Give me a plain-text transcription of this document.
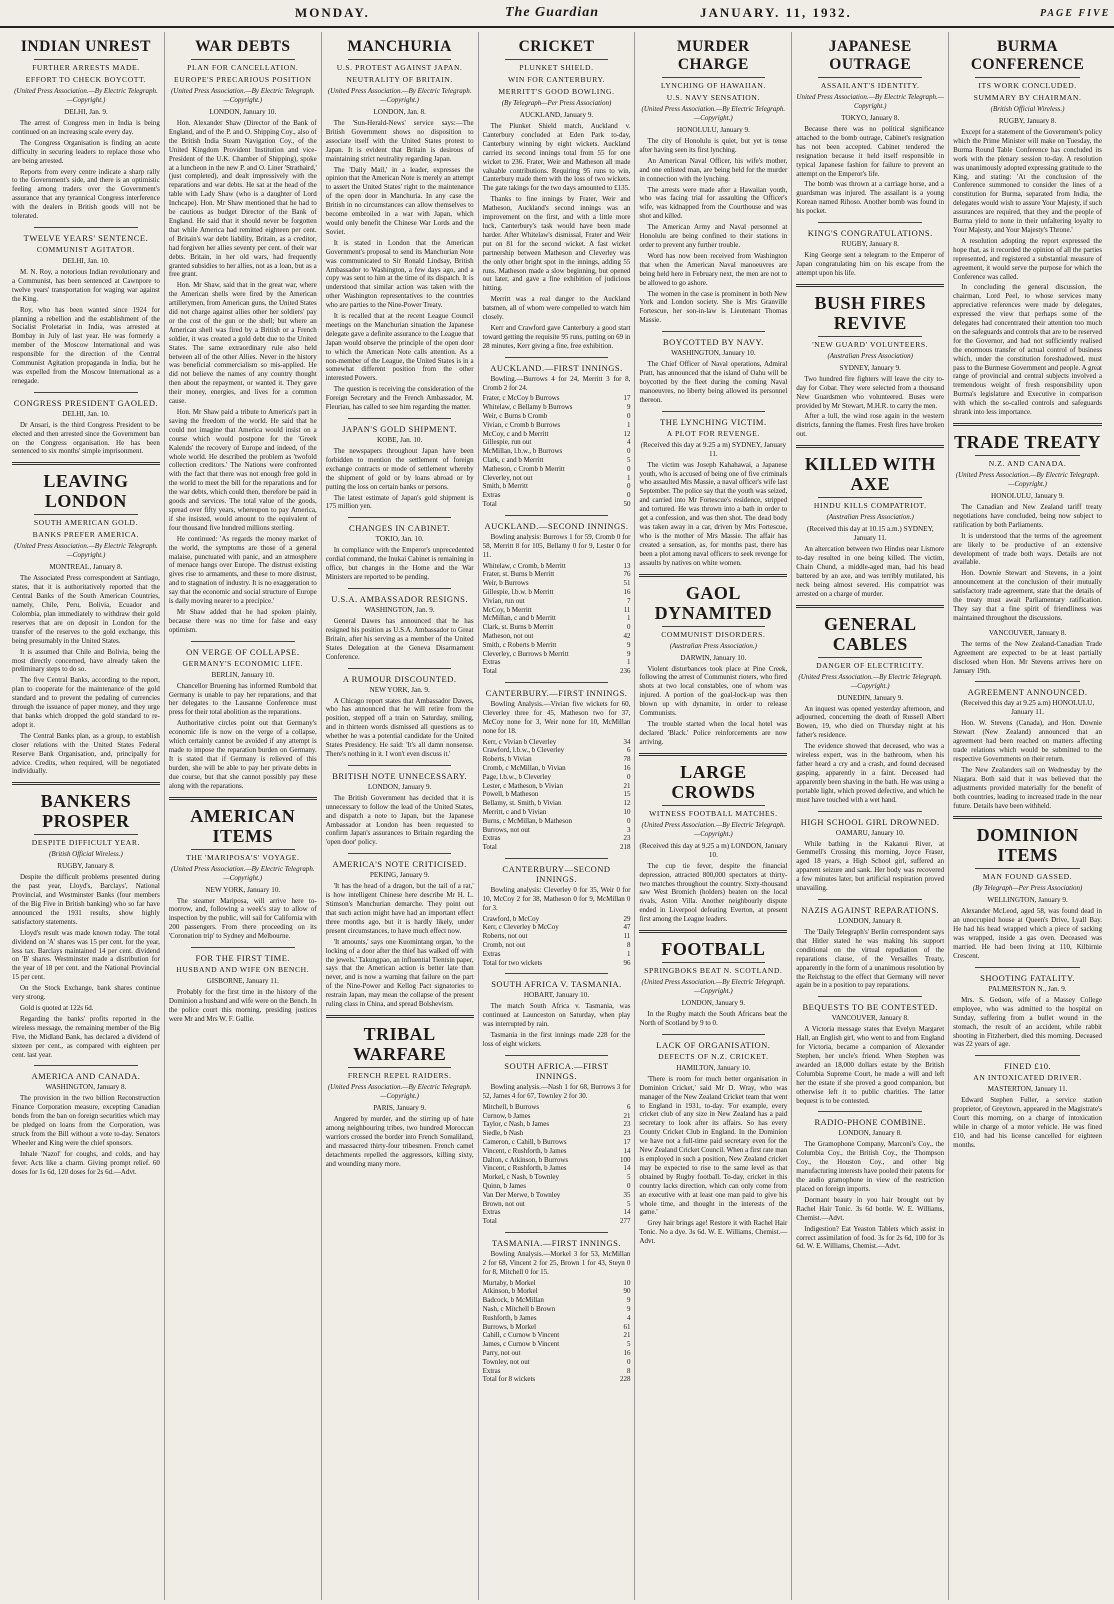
MONDAY.	The Guardian	JANUARY. 11, 1932.	PAGE FIVE
INDIAN UNREST
FURTHER ARRESTS MADE.
EFFORT TO CHECK BOYCOTT.
(United Press Association.—By Electric Telegraph.—Copyright.)
DELHI, Jan. 9.

The arrest of Congress men in India is being continued on an increasing scale every day.

The Congress Organisation is finding an acute difficulty in securing leaders to replace those who are being arrested.

Reports from every centre indicate a sharp rally to the Government's side, and there is an optimistic feeling among traders over the Government's assurance that any tyrannical Congress interference with the dealers in British goods will not be tolerated.

TWELVE YEARS' SENTENCE.
COMMUNIST AGITATOR.
DELHI, Jan. 10.

M. N. Roy, a notorious Indian revolutionary and a Communist, has been sentenced at Cawnpore to twelve years' transportation for waging war against the King.

Roy, who has been wanted since 1924 for planning a rebellion and the establishment of the Socialist Proletariat in India, was arrested at Bombay in July of last year. He was formerly a member of the Moscow International and was responsible for the direction of the Central Communist Agitation propaganda in India, but he was expelled from the Moscow International as a renegade.

CONGRESS PRESIDENT GAOLED.
DELHI, Jan. 10.

Dr Ansari, is the third Congress President to be elected and then arrested since the Government ban on the Congress organisation. He has been sentenced to six months' simple imprisonment.

LEAVING LONDON
SOUTH AMERICAN GOLD.
BANKS PREFER AMERICA.
(United Press Association.—By Electric Telegraph.—Copyright.)
MONTREAL, January 8.

The Associated Press correspondent at Santiago, states, that it is authoritatively reported that the Central Banks of the South American Countries, namely, Chile, Peru, Bolivia, Ecuador and Colombia, plan immediately to withdraw their gold reserves that are on deposit in London for the transfer of the reserves to the gold exchange, this being presumably in the United States.

It is assumed that Chile and Bolivia, being the most directly concerned, have already taken the preliminary steps to do so.

The five Central Banks, according to the report, plan to cooperate for the maintenance of the gold standard and to prevent the pedaling of currencies through the issuance of paper money, and they urge that banks which dropped the gold standard to re-adopt it.

The Central Banks plan, as a group, to establish closer relations with the United States Federal Reserve Bank Organisation, and, principally for advice. Credits, when required, will be negotiated individually.

BANKERS PROSPER
DESPITE DIFFICULT YEAR.
(British Official Wireless.)
RUGBY, January 8.

Despite the difficult problems presented during the past year, Lloyd's, Barclays', National Provincial, and Westminster Banks (four members of the Big Five in British banking) who so far have announced the 1931 results, show highly satisfactory statements.

Lloyd's result was made known today. The total dividend on 'A' shares was 15 per cent. for the year, less tax. Barclays maintained 14 per cent. dividend on 'B' shares. Westminster made a distribution for the year of 18 per cent. and the National Provincial 15 per cent.

On the Stock Exchange, bank shares continue very strong.

Gold is quoted at 122s 6d.

Regarding the banks' profits reported in the wireless message, the remaining member of the Big Five, the Midland Bank, has declared a dividend of sixteen per cent., as compared with eighteen per cent. last year.

AMERICA AND CANADA.
WASHINGTON, January 8.

The provision in the two billion Reconstruction Finance Corporation measure, excepting Canadian bonds from the ban on foreign securities which may be pledged on loans from the Corporation, was struck from the Bill without a vote to-day. Senators Wheeler and King were the chief sponsors.

Inhale 'Nazol' for coughs, and colds, and hay fever. Acts like a charm. Giving prompt relief. 60 doses for 1s 6d, 120 doses for 2s 6d.—Advt.

WAR DEBTS
PLAN FOR CANCELLATION.
EUROPE'S PRECARIOUS POSITION
(United Press Association.—By Electric Telegraph.—Copyright.)
LONDON, January 10.

Hon. Alexander Shaw (Director of the Bank of England, and of the P. and O. Shipping Coy., also of the British India Steam Navigation Coy., of the United Kingdom Provident Institution and vice-President of the U.K. Chamber of Shipping), spoke at a luncheon in the new P. and O. Liner 'Strathaird,' (just completed), and dealt impressively with the reparations and war debts. He sat at the head of the table with Lady Shaw (who is a daughter of Lord Inchcape). Hon. Mr Shaw mentioned that he had to be cautious as budget Director of the Bank of England. He said that it should never be forgotten that while America had remitted eighteen per cent. of Britain's war debt liability, Britain, as a creditor, had forgiven her allies seventy per cent. of their war debts. Britain, in her old wars, had frequently granted subsidies to her allies, not as a loan, but as a free grant.

Hon. Mr Shaw, said that in the great war, where the American shells were fired by the American artillerymen, from American guns, the United States did not charge against allies other her soldiers' pay or the cost of the gun or the shell; but where an American shell was fired by a British or a French soldier, it was created a gold debt due to the United States. The same extraordinary rule also held between all of the other Allies. Never in the history was beneficial commercialism so mis-applied. He did not believe the names of any country thought then about the repayment, or wanted it. They gave their money, energies, and lives for a common cause.

Hon. Mr Shaw paid a tribute to America's part in saving the freedom of the world. He said that he could not imagine that America would insist on a course which would postpone for the 'Greek Kalends' the recovery of Europe and indeed, of the whole world. He described the problem as 'twofold collection creditors.' The Nations were confronted with the fact that there was not enough free gold in the world to meet the bill for the reparations and for the war debts, which could then, therefore be paid in goods and services. The total value of the goods, spread over fifty years, whereupon to pay America, if she insisted, would amount to the equivalent of four thousand five hundred millions sterling.

He continued: 'As regards the money market of the world, the symptoms are those of a general malaise, punctuated with panic, and an atmosphere of menace hangs over Europe. The distrust existing gives rise to armaments, and these to more distrust, and to stagnation of industry. It is no exaggeration to say that the economic and social structure of Europe is daily moving nearer to a precipice.'

Mr Shaw added that he had spoken plainly, because there was no time for false and easy optimism.

ON VERGE OF COLLAPSE.
GERMANY'S ECONOMIC LIFE.
BERLIN, January 10.

Chancellor Bruening has informed Rumbold that Germany is unable to pay her reparations, and that her delegates to the Lausanne Conference must press for their total abolition as the reparations.

Authoritative circles point out that Germany's economic life is now on the verge of a collapse, which certainly cannot be avoided if any attempt is made to impose the reparation burden on Germany. It is stated that if Germany is relieved of this burden, she will be able to pay her private debts in due course, but that she cannot possibly pay these along with the reparations.

AMERICAN ITEMS
THE 'MARIPOSA'S' VOYAGE.
(United Press Association.—By Electric Telegraph.—Copyright.)
NEW YORK, January 10.

The steamer Mariposa, will arrive here to-morrow, and, following a week's stay to allow of inspection by the public, will sail for California with 200 passengers. From there proceeding on its 'Coronation trip' to Sydney and Melbourne.

FOR THE FIRST TIME.
HUSBAND AND WIFE ON BENCH.
GISBORNE, January 11.

Probably for the first time in the history of the Dominion a husband and wife were on the Bench. In the police court this morning, presiding justices were Mr and Mrs W. F. Gallie.

MANCHURIA
U.S. PROTEST AGAINST JAPAN.
NEUTRALITY OF BRITAIN.
(United Press Association.—By Electric Telegraph.—Copyright.)
LONDON, Jan. 8.

The 'Sun-Herald-News' service says:—The British Government shows no disposition to associate itself with the United States protest to Japan. It is evident that Britain is desirous of maintaining strict neutrality regarding Japan.

The 'Daily Mail,' in a leader, expresses the opinion that the American Note is merely an attempt to assert the United States' right to the maintenance of the open door in Manchuria. In any case the British in no circumstances can allow themselves to become embroiled in a war with Japan, which would only benefit the Chinese War Lords and the Soviet.

It is stated in London that the American Government's proposal to send its Manchurian Note was communicated to Sir Ronald Lindsay, British Ambassador to Washington, a few days ago, and a copy was sent to him at the time of its dispatch. It is understood that similar action was taken with the other Washington representatives to the countries who are parties to the Nine-Power Treaty.

It is recalled that at the recent League Council meetings on the Manchurian situation the Japanese delegate gave a definite assurance to the League that Japan would observe the principle of the open door to which the American Note calls attention. As a non-member of the League, the United States is in a somewhat different position from the other interested Powers.

The question is receiving the consideration of the Foreign Secretary and the French Ambassador, M. Fleuriau, has called to see him regarding the matter.

JAPAN'S GOLD SHIPMENT.
KOBE, Jan. 10.

The newspapers throughout Japan have been forbidden to mention the settlement of foreign exchange contracts or mode of settlement whereby the shipment of gold or by loans abroad or by putting the loss on certain banks or persons.

The latest estimate of Japan's gold shipment is 175 million yen.

CHANGES IN CABINET.
TOKIO, Jan. 10.

In compliance with the Emperor's unprecedented cordial command, the Inukai Cabinet is remaining in office, but changes in the Home and the War Ministers are reported to be pending.

U.S.A. AMBASSADOR RESIGNS.
WASHINGTON, Jan. 9.

General Dawes has announced that he has resigned his position as U.S.A. Ambassador to Great Britain, after his serving as a member of the United States Delegation at the Geneva Disarmament Conference.

A RUMOUR DISCOUNTED.
NEW YORK, Jan. 9.

A Chicago report states that Ambassador Dawes, who has announced that he will retire from the position, stepped off a train on Saturday, smiling, and in thirteen words dismissed all questions as to whether he was a potential candidate for the United States Presidency. He said: 'It's all damn nonsense. There's nothing in it. I won't even discuss it.'

BRITISH NOTE UNNECESSARY.
LONDON, January 9.

The British Government has decided that it is unnecessary to follow the lead of the United States, and dispatch a note to Japan, but the Japanese Ambassador at London has been requested to confirm Japan's assurances to Britain regarding the 'open door' policy.

AMERICA'S NOTE CRITICISED.
PEKING, January 9.

'It has the head of a dragon, but the tail of a rat,' is how intelligent Chinese here describe Mr H. L. Stimson's Manchurian demarche. They point out that such action might have had an important effect three months ago, but it is hardly likely, under present circumstances, to have much effect now.

'It amounts,' says one Kuomintang organ, 'to the locking of a door after the thief has walked off with the jewels.' Takungpao, an influential Tientsin paper, says that the American action is better late than never, and is now a warning that failure on the part of the Nine-Power and Kellog Pact signatories to restrain Japan, may mean the collapse of the present ruling class in China, and spread Bolshevism.

TRIBAL WARFARE
FRENCH REPEL RAIDERS.
(United Press Association.—By Electric Telegraph.—Copyright.)
PARIS, January 9.

Angered by murder, and the stirring up of hate among neighbouring tribes, two hundred Moroccan warriors crossed the border into French Somaliland, and massacred thirty-four tribesmen. French camel detachments repelled the aggressors, killing sixty, and wounding many more.

CRICKET
PLUNKET SHIELD.
WIN FOR CANTERBURY.
MERRITT'S GOOD BOWLING.
(By Telegraph—Per Press Association)
AUCKLAND, January 9.

The Plunket Shield match, Auckland v. Canterbury concluded at Eden Park to-day, Canterbury winning by eight wickets. Auckland carried its second innings total from 55 for one wicket to 236. Frater, Weir and Matheson all made valuable contributions. Requiring 95 runs to win, Canterbury made them with the loss of two wickets. The gate takings for the two days amounted to £135.

Thanks to fine innings by Frater, Weir and Matheson, Auckland's second innings was an improvement on the first, and with a little more luck, Canterbury's task would have been made harder. After Whitelaw's dismissal, Frater and Weir put on 81 for the second wicket. A fast wicket partnership between Matheson and Cleverley was the only other bright spot in the innings, adding 55 runs. Matheson made a slow beginning, but opened out later, and gave a fine exhibition of judicious hitting.

Merritt was a real danger to the Auckland batsmen, all of whom were compelled to watch him closely.

Kerr and Crawford gave Canterbury a good start toward getting the requisite 95 runs, putting on 69 in 28 minutes, Kerr giving a fine, free exhibition.

AUCKLAND.—FIRST INNINGS.

Bowling.—Burrows 4 for 24, Merritt 3 for 8, Cromb 2 for 24.

Frater, c McCoy b Burrows	17
Whitelaw, c Bellamy b Burrows	9
Weir, c Burns b Cromb	0
Vivian, c Cromb b Burrows	1
McCoy, c and b Merritt	12
Gillespie, run out	4
McMillan, l.b.w., b Burrows	0
Clark, c and b Merritt	5
Matheson, c Cromb b Merritt	0
Cleverley, not out	1
Smith, b Merritt	0
Extras	0
Total	50
AUCKLAND.—SECOND INNINGS.

Bowling analysis: Burrows 1 for 59, Cromb 0 for 58, Merritt 8 for 105, Bellamy 0 for 9, Lester 0 for 11.

Whitelaw, c Cromb, b Merritt	13
Frater, st. Burns b Merritt	76
Weir, b Burrows	51
Gillespie, l.b.w. b Merritt	16
Vivian, run out	7
McCoy, b Merritt	11
McMillan, c and b Merritt	1
Clark, st. Burns b Merritt	0
Matheson, not out	42
Smith, c Roberts b Merritt	9
Cleverley, c Burrows b Merritt	9
Extras	1
Total	236
CANTERBURY.—FIRST INNINGS.

Bowling Analysis.—Vivian five wickets for 60, Cleverley three for 45, Matheson two for 37, McCoy none for 3, Weir none for 10, McMillan none for 18.

Kerr, c Vivian b Cleverley	34
Crawford, l.b.w., b Cleverley	6
Roberts, b Vivian	78
Cromb, c McMillan, b Vivian	16
Page, l.b.w., b Cleverley	0
Lester, c Matheson, b Vivian	21
Powell, b Matheson	15
Bellamy, st. Smith, b Vivian	12
Merritt, c and b Vivian	10
Burns, c McMillan, b Matheson	0
Burrows, not out	3
Extras	23
Total	218
CANTERBURY—SECOND INNINGS.

Bowling analysis: Cleverley 0 for 35, Weir 0 for 10, McCoy 2 for 38, Matheson 0 for 9, McMillan 0 for 3.

Crawford, b McCoy	29
Kerr, c Cleverley b McCoy	47
Roberts, not out	11
Cromb, not out	8
Extras	1
Total for two wickets	96
SOUTH AFRICA V. TASMANIA.
HOBART, January 10.

The match South Africa v. Tasmania, was continued at Launceston on Saturday, when play was interrupted by rain.

Tasmania in the first innings made 228 for the loss of eight wickets.

SOUTH AFRICA.—FIRST INNINGS.

Bowling analysis.—Nash 1 for 68, Burrows 3 for 52, James 4 for 67, Townley 2 for 30.

Mitchell, b Burrows	6
Curnow, b James	21
Taylor, c Nash, b James	23
Siedle, b Nash	23
Cameron, c Cahill, b Burrows	17
Vincent, c Rushforth, b James	14
Dalton, c Atkinson, b Burrows	100
Vincent, c Rushforth, b James	14
Morkel, c Nash, b Townley	5
Quinn, b James	0
Van Der Merwe, b Townley	35
Brown, not out	5
Extras	14
Total	277
TASMANIA.—FIRST INNINGS.

Bowling Analysis.—Morkel 3 for 53, McMillan 2 for 68, Vincent 2 for 25, Brown 1 for 43, Steyn 0 for 8, Mitchell 0 for 15.

Murtaby, b Morkel	10
Atkinson, b Morkel	90
Badcock, b McMillan	9
Nash, c Mitchell b Brown	9
Rushforth, b James	4
Burrows, b Morkel	61
Cahill, c Curnow b Vincent	21
James, c Curnow b Vincent	5
Parry, not out	16
Townley, not out	0
Extras	8
Total for 8 wickets	228
MURDER CHARGE
LYNCHING OF HAWAIIAN.
U.S. NAVY SENSATION.
(United Press Association.—By Electric Telegraph.—Copyright.)
HONOLULU, January 9.

The city of Honolulu is quiet, but yet is tense after having seen its first lynching.

An American Naval Officer, his wife's mother, and one enlisted man, are being held for the murder in connection with the lynching.

The arrests were made after a Hawaiian youth, who was facing trial for assaulting the Officer's wife, was kidnapped from the Courthouse and was shot and killed.

The American Army and Naval personnel at Honolulu are being confined to their stations in order to prevent any further trouble.

Word has now been received from Washington that when the American Naval manoeuvres are being held here in February next, the men are not to be allowed to go ashore.

The women in the case is prominent in both New York and London society. She is Mrs Granville Fortescue, her son-in-law is Lieutenant Thomas Massie.

BOYCOTTED BY NAVY.
WASHINGTON, January 10.

The Chief Officer of Naval operations, Admiral Pratt, has announced that the island of Oahu will be boycotted by the fleet during the coming Naval manoeuvres, no liberty being allowed its personnel thereon.

THE LYNCHING VICTIM.
A PLOT FOR REVENGE.
(Received this day at 9.25 a m) SYDNEY, January 11.

The victim was Joseph Kahahawai, a Japanese youth, who is accused of being one of five criminals who assaulted Mrs Massie, a naval officer's wife last September. The police say that the youth was seized, and carried into Mr Fortescue's residence, stripped and tortured. He was thrown into a bath in order to get a confession, and was then shot. The dead body was taken away in a car, driven by Mrs Fortescue, who is the mother of Mrs Massie. The affair has created a sensation, as, for months past, there has been a plot among naval officers to seek revenge for assaults by natives on white women.

GAOL DYNAMITED
COMMUNIST DISORDERS.
(Australian Press Association.)
DARWIN, January 10.

Violent disturbances took place at Pine Creek, following the arrest of Communist rioters, who fired shots at two local constables, one of whom was injured. A portion of the goal-lock-up was then blown up with dynamite, in order to release Communists.

The trouble started when the local hotel was declared 'Black.' Police reinforcements are now arriving.

LARGE CROWDS
WITNESS FOOTBALL MATCHES.
(United Press Association.—By Electric Telegraph.—Copyright.)
(Received this day at 9.25 a m) LONDON, January 10.

The cup tie fever, despite the financial depression, attracted 800,000 spectators at thirty-two matches throughout the country. Sixty-thousand saw West Bromich (holders) beaten on the local rivals, Aston Villa. Another neighbourly dispute ended in Liverpool defeating Everton, at present first among the League leaders.

FOOTBALL
SPRINGBOKS BEAT N. SCOTLAND.
(United Press Association.—By Electric Telegraph.—Copyright.)
LONDON, January 9.

In the Rugby match the South Africans beat the North of Scotland by 9 to 0.

LACK OF ORGANISATION.
DEFECTS OF N.Z. CRICKET.
HAMILTON, January 10.

'There is room for much better organisation in Dominion Cricket,' said Mr D. Wray, who was manager of the New Zealand Cricket team that went to England in 1931, to-day. 'For example, every cricket club of any size in New Zealand has a paid secretary to look after its affairs. So has every County Cricket Club in England. In the Dominion we have not a full-time paid secretary even for the New Zealand Cricket Council. When a first rate man is employed in such a position, New Zealand cricket may be expected to rise to the same level as that obtained by Rugby football. To-day, cricket in this country lacks direction, which can only come from an executive with at least one man paid to give his whole time, and thought in the interests of the game.'

Grey hair brings age! Restore it with Rachel Hair Tonic. No a dye. 3s 6d. W. E. Williams, Chemist.—Advt.

JAPANESE OUTRAGE
ASSAILANT'S IDENTITY.
United Press Association.—By Electric Telegraph.—Copyright.)
TOKYO, January 8.

Because there was no political significance attached to the bomb outrage, Cabinet's resignation has not been accepted. Cabinet tendered the resignation because it held itself responsible in typical Japanese fashion for failure to prevent an attempt on the Emperor's life.

The bomb was thrown at a carriage horse, and a guardsman was injured. The assailant is a young Korean named Rihoso. Another bomb was found in his pocket.

KING'S CONGRATULATIONS.
RUGBY, January 8.

King George sent a telegram to the Emperor of Japan congratulating him on his escape from the attempt upon his life.

BUSH FIRES REVIVE
'NEW GUARD' VOLUNTEERS.
(Australian Press Association)
SYDNEY, January 9.

Two hundred fire fighters will leave the city to-day for Cobar. They were selected from a thousand New Guardsmen who volunteered. Buses were provided by Mr Stewart, M.H.R. to carry the men.

After a lull, the wind rose again in the western districts, fanning the flames. Fresh fires have broken out.

KILLED WITH AXE
HINDU KILLS COMPATRIOT.
(Australian Press Association.)
(Received this day at 10.15 a.m.) SYDNEY, January 11.

An altercation between two Hindus near Lismore to-day resulted in one being killed. The victim, Chain Chund, a middle-aged man, had his head battered by an axe, and was terribly mutilated, his neck being almost severed. His compatriot was arrested on a charge of murder.

GENERAL CABLES
DANGER OF ELECTRICITY.
(United Press Association.—By Electric Telegraph.—Copyright.)
DUNEDIN, January 9.

An inquest was opened yesterday afternoon, and adjourned, concerning the death of Russell Albert Bowen, 19, who died on Thursday night at his father's residence.

The evidence showed that deceased, who was a wireless expert, was in the bathroom, when his father heard a cry and a crash, and found deceased gasping, apparently in a faint. Deceased had apparently been shaving in the bath. He was using a portable light, which proved defective, and which he must have touched with a wet hand.

HIGH SCHOOL GIRL DROWNED.
OAMARU, January 10.

While bathing in the Kakanui River, at Gemmell's Crossing this morning, Joyce Fraser, aged 18 years, a High School girl, suffered an apparent seizure and sank. Her body was recovered a few minutes later, but artificial respiration proved unavailing.

NAZIS AGAINST REPARATIONS.
LONDON, January 8.

The 'Daily Telegraph's' Berlin correspondent says that Hitler stated he was making his support conditional on the virtual repudiation of the reparations clause, of the Versailles Treaty, apparently in the form of a unanimous resolution by the Reichstag to the effect that Germany will never again be in a position to pay reparations.

BEQUESTS TO BE CONTESTED.
VANCOUVER, January 8.

A Victoria message states that Evelyn Margaret Hall, an English girl, who went to and from England for Victoria, became a companion of Alexander Stephen, her uncle's friend. When Stephen was awarded an 18,000 dollars estate by the British Columbia Supreme Court, he made a will and left her the estate if she proved a good companion, but otherwise left it to public charities. The latter bequest is to be contested.

RADIO-PHONE COMBINE.
LONDON, January 8.

The Gramophone Company, Marconi's Coy., the Columbia Coy., the British Coy., the Thompson Coy., the Houston Coy., and other big manufacturing interests have pooled their patents for the audio gramophone in view of the restriction placed on foreign imports.

Dormant beauty in you hair brought out by Rachel Hair Tonic. 3s 6d bottle. W. E. Williams, Chemist.—Advt.

Indigestion? Eat Yeaston Tablets which assist in correct assimilation of food. 3s for 2s 6d, 100 for 3s 6d. W. E. Williams, Chemist.—Advt.

BURMA CONFERENCE
ITS WORK CONCLUDED.
SUMMARY BY CHAIRMAN.
(British Official Wireless.)
RUGBY, January 8.

Except for a statement of the Government's policy which the Prime Minister will make on Tuesday, the Burma Round Table Conference has concluded its work with the plenary session to-day. A resolution was unanimously adopted expressing gratitude to the King, and stating: 'At the conclusion of the Conference summoned to consider the lines of a constitution for Burma, separated from India, the delegates would wish to assure Your Majesty, if such assurances are required, that they and the people of Burma yield to none in their unfaltering loyalty to Your Majesty, and Your Majesty's Throne.'

A resolution adopting the report expressed the hope that, as it recorded the opinion of all the parties represented, and registered a substantial measure of agreement, it would serve the purpose for which the Conference was called.

In concluding the general discussion, the chairman, Lord Peel, to whose services many appreciative references were made by delegates, expressed the view that perhaps some of the delegates had concentrated their attention too much on the safeguards and controls that are to be reserved for the Governor, and had not sufficiently realised the enormous transfer of actual control of business which, under the constitution foreshadowed, must pass to the Burmese Government and people. A great range of provincial and central subjects involved a tremendous weight of fresh responsibility upon Burma's legislature and Executive in comparison with which the so-called controls and safeguards shrank into less importance.

TRADE TREATY
N.Z. AND CANADA.
(United Press Association.—By Electric Telegraph.—Copyright.)
HONOLULU, January 9.

The Canadian and New Zealand tariff treaty negotiations have concluded, being now subject to ratification by both Parliaments.

It is understood that the terms of the agreement are likely to be productive of an extensive development of trade both ways. Details are not available.

Hon. Downie Stewart and Stevens, in a joint announcement at the conclusion of their mutually satisfactory trade agreement, state that the details of the treaty must await Parliamentary ratification. They say that a fine spirit of friendliness was maintained throughout the discussions.

VANCOUVER, January 8.

The terms of the New Zealand-Canadian Trade Agreement are expected to be at least partially disclosed when Hon. Mr Stevens arrives here on January 19th.

AGREEMENT ANNOUNCED.
(Received this day at 9.25 a.m) HONOLULU, January 11.

Hon. W. Stevens (Canada), and Hon. Downie Stewart (New Zealand) announced that an agreement had been reached on matters affecting trade relations which would be submitted to the respective Governments on their return.

The New Zealanders sail on Wednesday by the Niagara. Both said that it was believed that the adjustments provided materially for the benefit of both countries, leading to increased trade in the near future. Details have been withheld.

DOMINION ITEMS
MAN FOUND GASSED.
(By Telegraph—Per Press Association)
WELLINGTON, January 9.

Alexander McLeod, aged 58, was found dead in an unoccupied house at Queen's Drive, Lyall Bay. He had his head wrapped which a piece of sacking was wrapped, inside a gas oven. Deceased was married. He had been living at 110, Kilbirnie Crescent.

SHOOTING FATALITY.
PALMERSTON N., Jan. 9.

Mrs. S. Gedson, wife of a Massey College employee, who was admitted to the hospital on Sunday, suffering from a bullet wound in the stomach, the result of an accident, while rabbit shooting in Fitzherbert, died this morning. Deceased was 22 years of age.

FINED £10.
AN INTOXICATED DRIVER.
MASTERTON, January 11.

Edward Stephen Fuller, a service station proprietor, of Greytown, appeared in the Magistrate's Court this morning, on a charge of intoxication while in charge of a motor vehicle. He was fined £10, and had his license cancelled for eighteen months.
